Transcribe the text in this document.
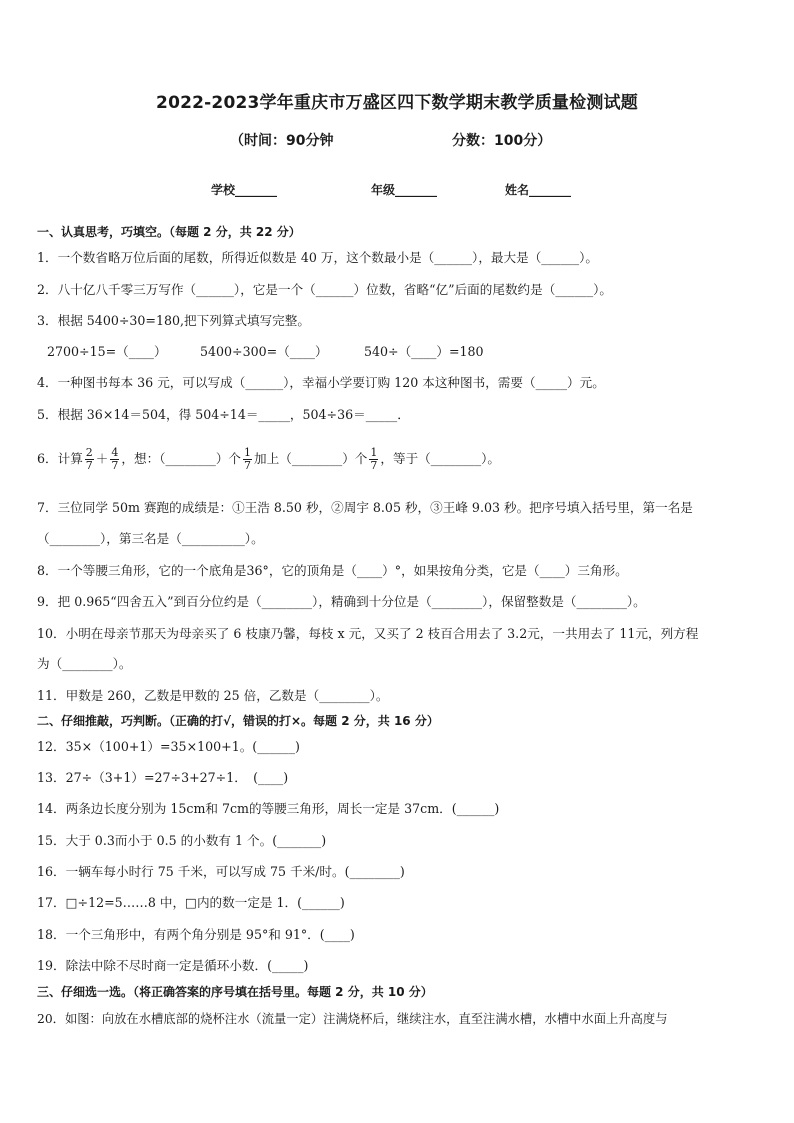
2022-2023学年重庆市万盛区四下数学期末教学质量检测试题
（时间：90分钟	分数：100分）
学校_______	年级_______	姓名_______
一、认真思考，巧填空。（每题 2 分，共 22 分）
1．一个数省略万位后面的尾数，所得近似数是 40 万，这个数最小是（______），最大是（______）。
2．八十亿八千零三万写作（______），它是一个（______）位数，省略“亿”后面的尾数约是（______）。
3．根据 5400÷30=180,把下列算式填写完整。
2700÷15=（____）	5400÷300=（____）	540÷（____）=180
4．一种图书每本 36 元，可以写成（______），幸福小学要订购 120 本这种图书，需要（_____）元。
5．根据 36×14＝504，得 504÷14＝_____，504÷36＝_____．
6．计算 $\frac{2}{7} + \frac{4}{7}$ ，想：（________）个 $\frac{1}{7}$ 加上（________）个 $\frac{1}{7}$ ，等于（________）。
7．三位同学 50m 赛跑的成绩是：①王浩 8.50 秒，②周宇 8.05 秒，③王峰 9.03 秒。把序号填入括号里，第一名是
（________），第三名是（__________）。
8．一个等腰三角形，它的一个底角是36°，它的顶角是（____）°，如果按角分类，它是（____）三角形。
9．把 0.965“四舍五入”到百分位约是（________），精确到十分位是（________），保留整数是（________）。
10．小明在母亲节那天为母亲买了 6 枝康乃馨，每枝 x 元，又买了 2 枝百合用去了 3.2元，一共用去了 11元，列方程
为（________）。
11．甲数是 260，乙数是甲数的 25 倍，乙数是（________）。
二、仔细推敲，巧判断。（正确的打√，错误的打×。每题 2 分，共 16 分）
12．35×（100+1）=35×100+1。(______)
13．27÷（3+1）=27÷3+27÷1．　(____)
14．两条边长度分别为 15cm和 7cm的等腰三角形，周长一定是 37cm．(______)
15．大于 0.3而小于 0.5 的小数有 1 个。(_______)
16．一辆车每小时行 75 千米，可以写成 75 千米/时。(________)
17．□÷12=5……8 中，□内的数一定是 1．(______)
18．一个三角形中，有两个角分别是 95°和 91°．(____)
19．除法中除不尽时商一定是循环小数．(_____)
三、仔细选一选。（将正确答案的序号填在括号里。每题 2 分，共 10 分）
20．如图：向放在水槽底部的烧杯注水（流量一定）注满烧杯后，继续注水，直至注满水槽，水槽中水面上升高度与
